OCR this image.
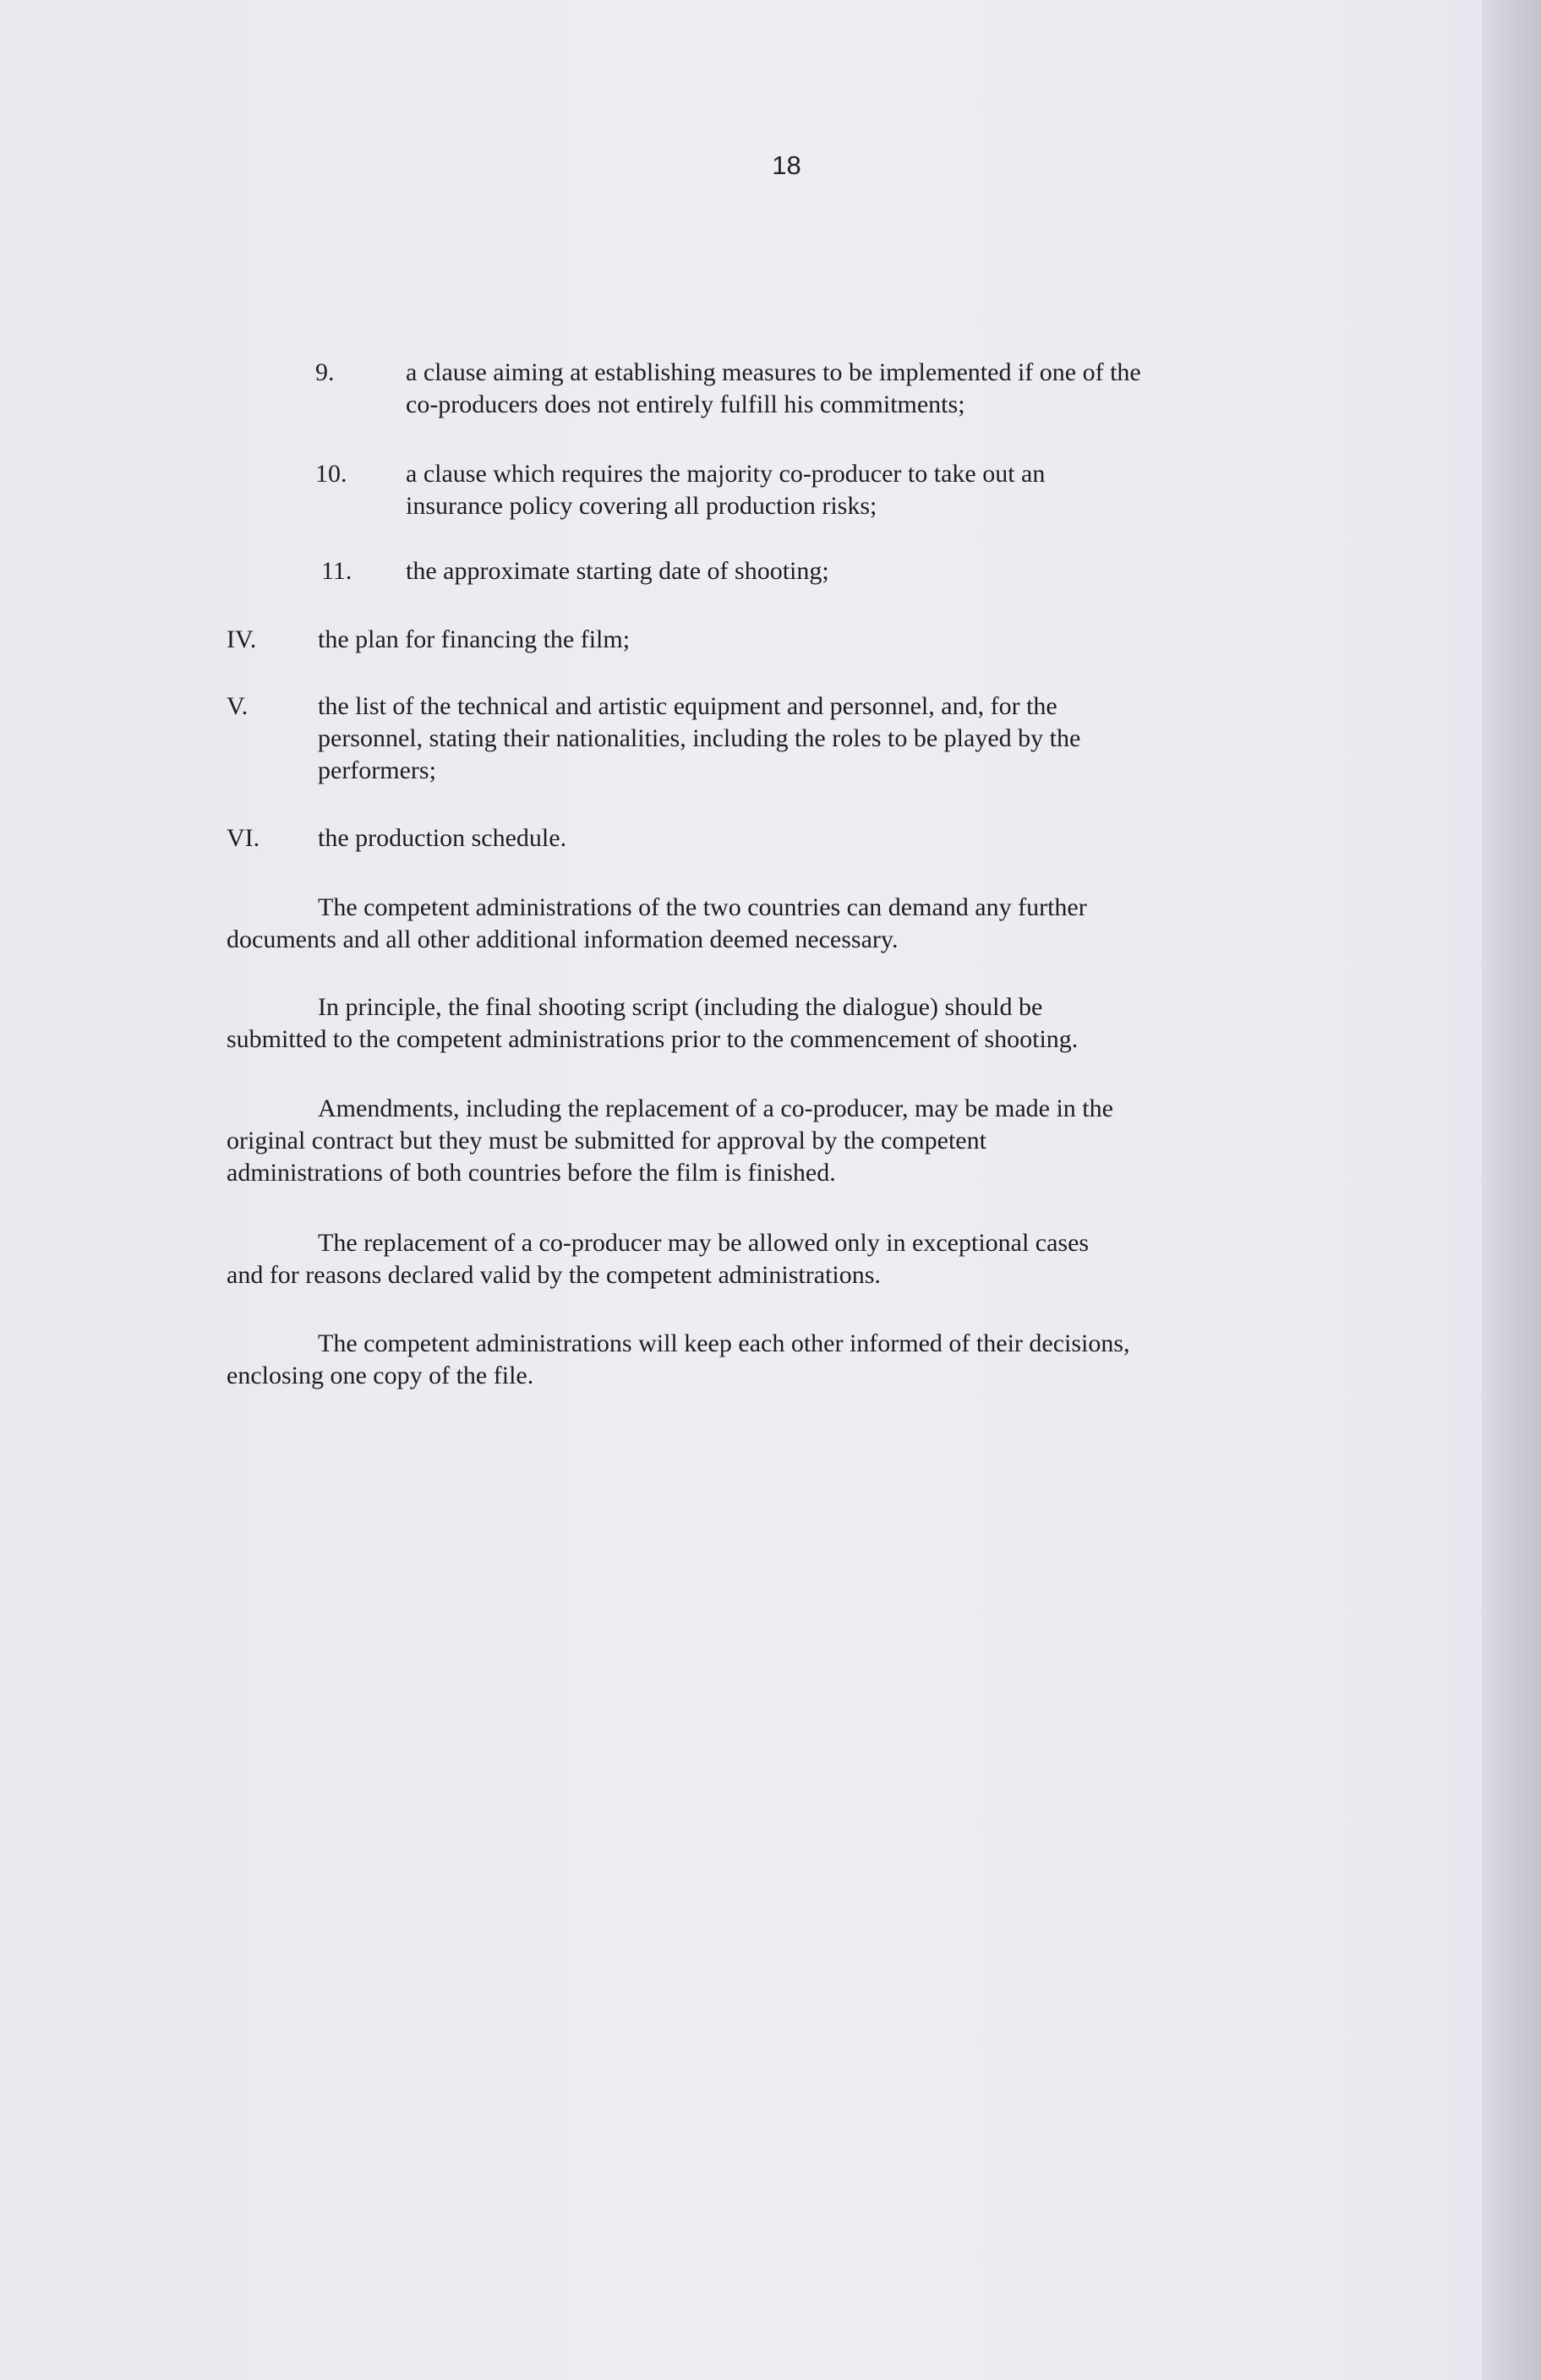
18
9.	a clause aiming at establishing measures to be implemented if one of the
co-producers does not entirely fulfill his commitments;
10. a clause which requires the majority co-producer to take out an
insurance policy covering all production risks;
11. the approximate starting date of shooting;
IV. the plan for financing the film;
V.	the list of the technical and artistic equipment and personnel, and, for the
personnel, stating their nationalities, including the roles to be played by the
performers;
VI. the production schedule.
The competent administrations of the two countries can demand any further
documents and all other additional information deemed necessary.
In principle, the final shooting script (including the dialogue) should be
submitted to the competent administrations prior to the commencement of shooting.
Amendments, including the replacement of a co-producer, may be made in the
original contract but they must be submitted for approval by the competent
administrations of both countries before the film is finished.
The replacement of a co-producer may be allowed only in exceptional cases
and for reasons declared valid by the competent administrations.
The competent administrations will keep each other informed of their decisions,
enclosing one copy of the file.
